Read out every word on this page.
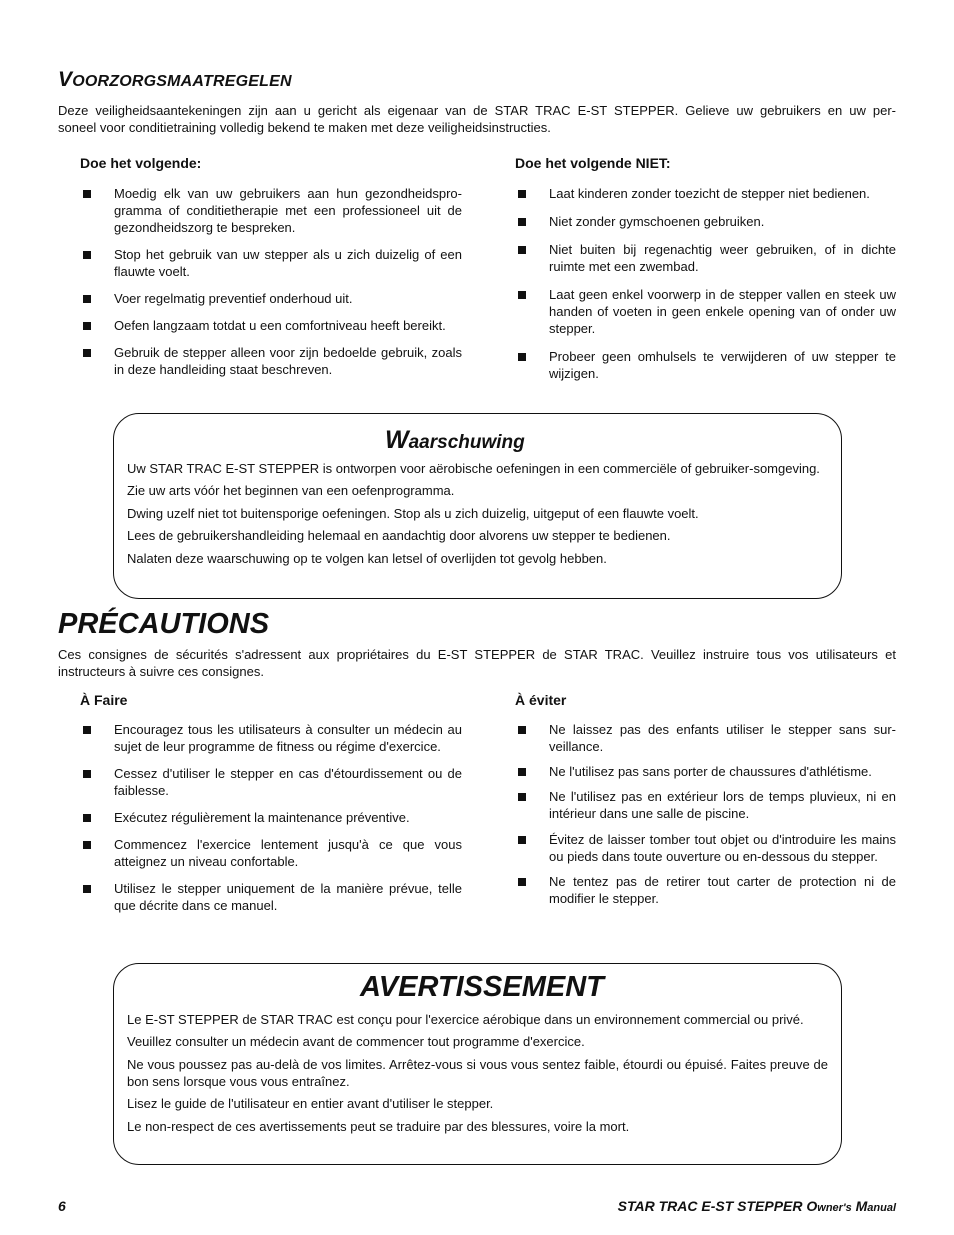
VOORZORGSMAATREGELEN

Deze veiligheidsaantekeningen zijn aan u gericht als eigenaar van de STAR TRAC E-ST STEPPER. Gelieve uw gebruikers en uw per-
soneel voor conditietraining volledig bekend te maken met deze veiligheidsinstructies.

Doe het volgende:
Moedig elk van uw gebruikers aan hun gezondheidspro-gramma of conditietherapie met een professioneel uit de gezondheidszorg te bespreken.
Stop het gebruik van uw stepper als u zich duizelig of een flauwte voelt.
Voer regelmatig preventief onderhoud uit.
Oefen langzaam totdat u een comfortniveau heeft bereikt.
Gebruik de stepper alleen voor zijn bedoelde gebruik, zoals in deze handleiding staat beschreven.
Doe het volgende NIET:
Laat kinderen zonder toezicht de stepper niet bedienen.
Niet zonder gymschoenen gebruiken.
Niet buiten bij regenachtig weer gebruiken, of in dichte ruimte met een zwembad.
Laat geen enkel voorwerp in de stepper vallen en steek uw handen of voeten in geen enkele opening van of onder uw stepper.
Probeer geen omhulsels te verwijderen of uw stepper te wijzigen.
Waarschuwing

Uw STAR TRAC E-ST STEPPER is ontworpen voor aërobische oefeningen in een commerciële of gebruiker-somgeving.

Zie uw arts vóór het beginnen van een oefenprogramma.

Dwing uzelf niet tot buitensporige oefeningen. Stop als u zich duizelig, uitgeput of een flauwte voelt.

Lees de gebruikershandleiding helemaal en aandachtig door alvorens uw stepper te bedienen.

Nalaten deze waarschuwing op te volgen kan letsel of overlijden tot gevolg hebben.

PRÉCAUTIONS

Ces consignes de sécurités s'adressent aux propriétaires du E-ST STEPPER de STAR TRAC. Veuillez instruire tous vos utilisateurs et instructeurs à suivre ces consignes.

À Faire
Encouragez tous les utilisateurs à consulter un médecin au sujet de leur programme de fitness ou régime d'exercice.
Cessez d'utiliser le stepper en cas d'étourdissement ou de faiblesse.
Exécutez régulièrement la maintenance préventive.
Commencez l'exercice lentement jusqu'à ce que vous atteignez un niveau confortable.
Utilisez le stepper uniquement de la manière prévue, telle que décrite dans ce manuel.
À éviter
Ne laissez pas des enfants utiliser le stepper sans sur-veillance.
Ne l'utilisez pas sans porter de chaussures d'athlétisme.
Ne l'utilisez pas en extérieur lors de temps pluvieux, ni en intérieur dans une salle de piscine.
Évitez de laisser tomber tout objet ou d'introduire les mains ou pieds dans toute ouverture ou en-dessous du stepper.
Ne tentez pas de retirer tout carter de protection ni de modifier le stepper.
AVERTISSEMENT

Le E-ST STEPPER de STAR TRAC est conçu pour l'exercice aérobique dans un environnement commercial ou privé.

Veuillez consulter un médecin avant de commencer tout programme d'exercice.

Ne vous poussez pas au-delà de vos limites. Arrêtez-vous si vous vous sentez faible, étourdi ou épuisé. Faites preuve de bon sens lorsque vous vous entraînez.

Lisez le guide de l'utilisateur en entier avant d'utiliser le stepper.

Le non-respect de ces avertissements peut se traduire par des blessures, voire la mort.

6	STAR TRAC E-ST STEPPER Owner's Manual
